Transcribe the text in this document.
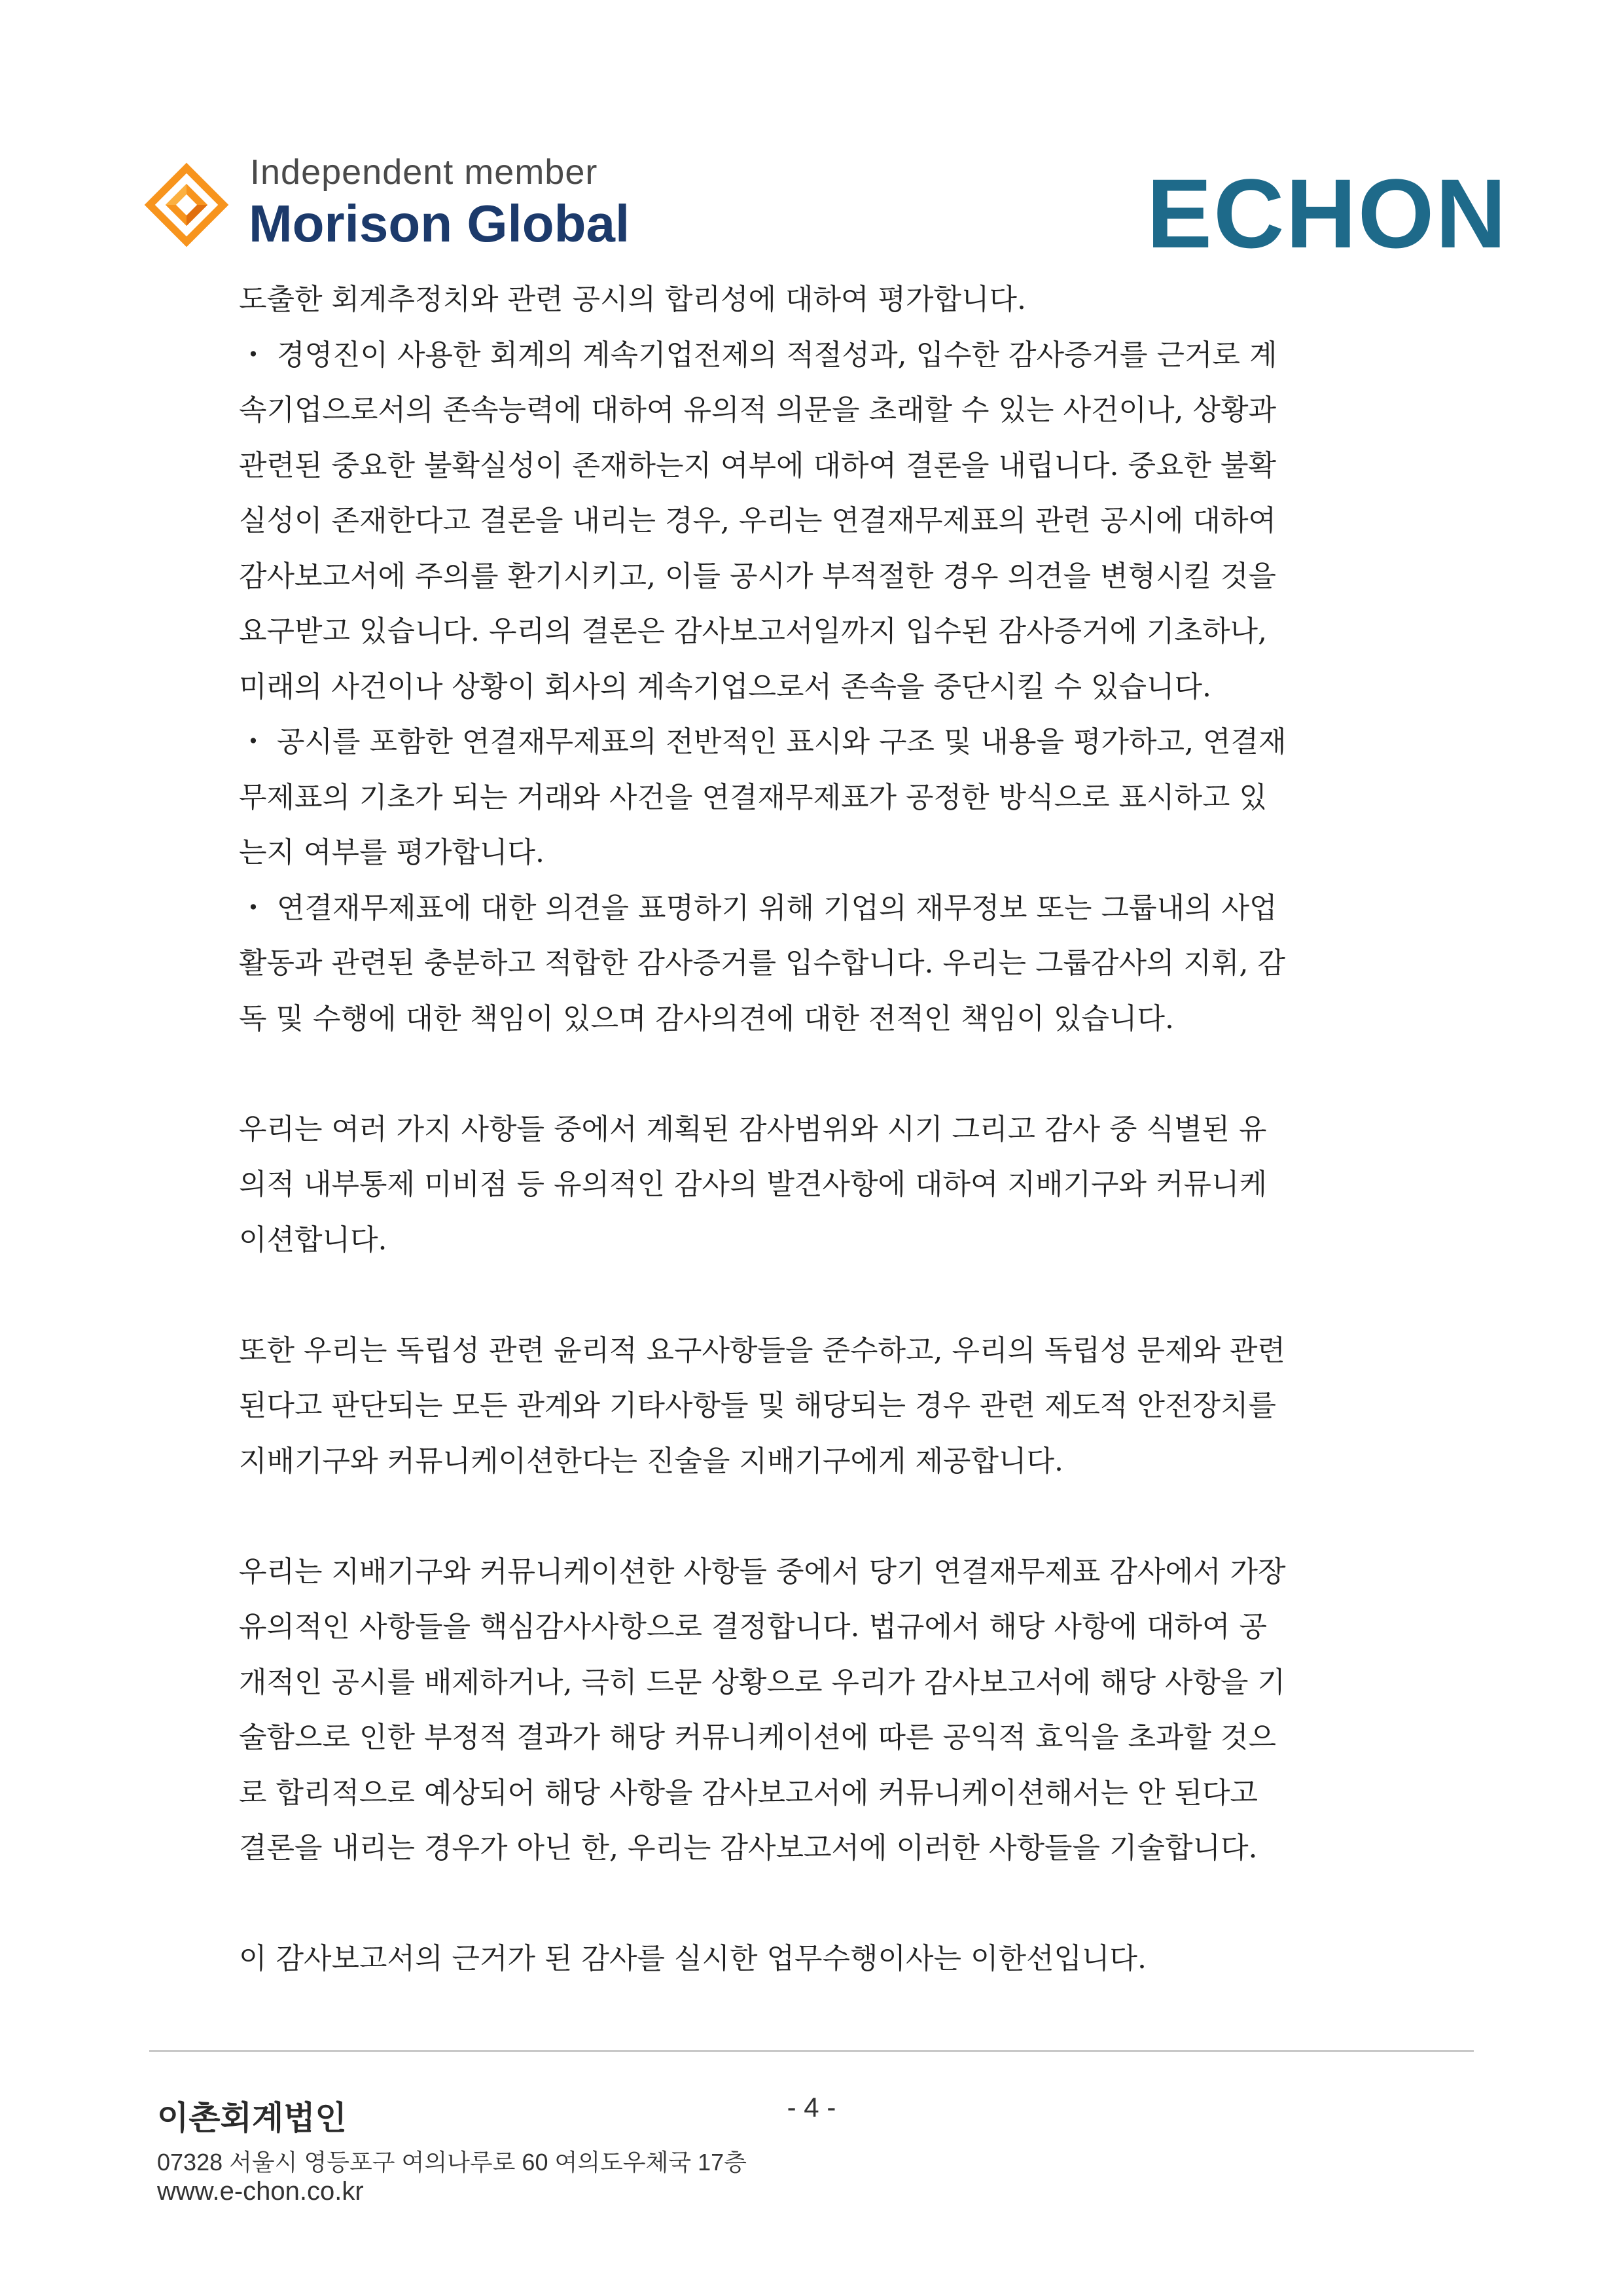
Independent member
Morison Global	ECHON

도출한 회계추정치와 관련 공시의 합리성에 대하여 평가합니다.

・ 경영진이 사용한 회계의 계속기업전제의 적절성과, 입수한 감사증거를 근거로 계

속기업으로서의 존속능력에 대하여 유의적 의문을 초래할 수 있는 사건이나, 상황과

관련된 중요한 불확실성이 존재하는지 여부에 대하여 결론을 내립니다. 중요한 불확

실성이 존재한다고 결론을 내리는 경우, 우리는 연결재무제표의 관련 공시에 대하여

감사보고서에 주의를 환기시키고, 이들 공시가 부적절한 경우 의견을 변형시킬 것을

요구받고 있습니다. 우리의 결론은 감사보고서일까지 입수된 감사증거에 기초하나,

미래의 사건이나 상황이 회사의 계속기업으로서 존속을 중단시킬 수 있습니다.

・ 공시를 포함한 연결재무제표의 전반적인 표시와 구조 및 내용을 평가하고, 연결재

무제표의 기초가 되는 거래와 사건을 연결재무제표가 공정한 방식으로 표시하고 있

는지 여부를 평가합니다.

・ 연결재무제표에 대한 의견을 표명하기 위해 기업의 재무정보 또는 그룹내의 사업

활동과 관련된 충분하고 적합한 감사증거를 입수합니다. 우리는 그룹감사의 지휘, 감

독 및 수행에 대한 책임이 있으며 감사의견에 대한 전적인 책임이 있습니다.

우리는 여러 가지 사항들 중에서 계획된 감사범위와 시기 그리고 감사 중 식별된 유

의적 내부통제 미비점 등 유의적인 감사의 발견사항에 대하여 지배기구와 커뮤니케

이션합니다.

또한 우리는 독립성 관련 윤리적 요구사항들을 준수하고, 우리의 독립성 문제와 관련

된다고 판단되는 모든 관계와 기타사항들 및 해당되는 경우 관련 제도적 안전장치를

지배기구와 커뮤니케이션한다는 진술을 지배기구에게 제공합니다.

우리는 지배기구와 커뮤니케이션한 사항들 중에서 당기 연결재무제표 감사에서 가장

유의적인 사항들을 핵심감사사항으로 결정합니다. 법규에서 해당 사항에 대하여 공

개적인 공시를 배제하거나, 극히 드문 상황으로 우리가 감사보고서에 해당 사항을 기

술함으로 인한 부정적 결과가 해당 커뮤니케이션에 따른 공익적 효익을 초과할 것으

로 합리적으로 예상되어 해당 사항을 감사보고서에 커뮤니케이션해서는 안 된다고

결론을 내리는 경우가 아닌 한, 우리는 감사보고서에 이러한 사항들을 기술합니다.

이 감사보고서의 근거가 된 감사를 실시한 업무수행이사는 이한선입니다.

이촌회계법인	- 4 -
07328 서울시 영등포구 여의나루로 60 여의도우체국 17층
www.e-chon.co.kr
